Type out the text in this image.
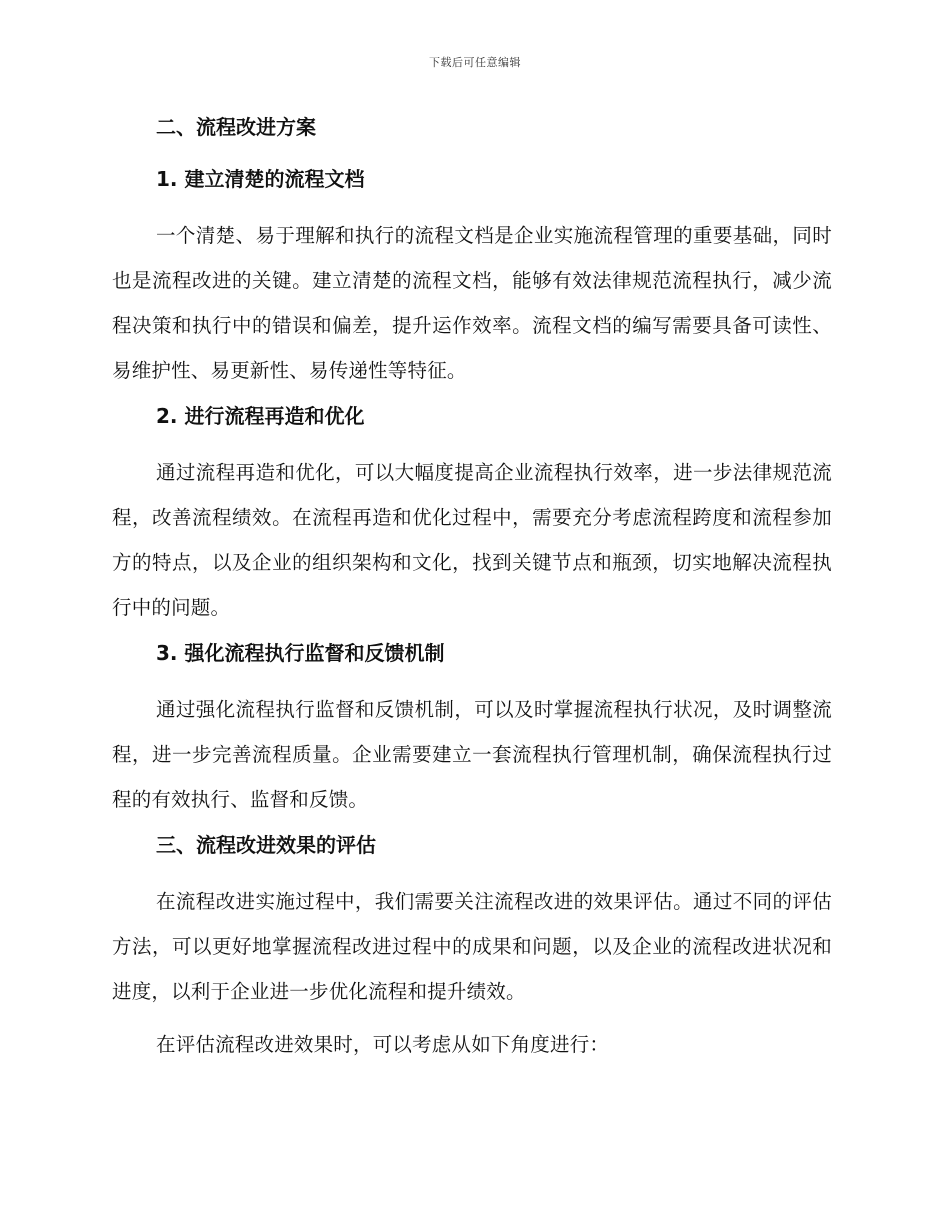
下载后可任意编辑
二、流程改进方案
1. 建立清楚的流程文档

一个清楚、易于理解和执行的流程文档是企业实施流程管理的重要基础，同时也是流程改进的关键。建立清楚的流程文档，能够有效法律规范流程执行，减少流程决策和执行中的错误和偏差，提升运作效率。流程文档的编写需要具备可读性、易维护性、易更新性、易传递性等特征。

2. 进行流程再造和优化

通过流程再造和优化，可以大幅度提高企业流程执行效率，进一步法律规范流程，改善流程绩效。在流程再造和优化过程中，需要充分考虑流程跨度和流程参加方的特点，以及企业的组织架构和文化，找到关键节点和瓶颈，切实地解决流程执行中的问题。

3. 强化流程执行监督和反馈机制

通过强化流程执行监督和反馈机制，可以及时掌握流程执行状况，及时调整流程，进一步完善流程质量。企业需要建立一套流程执行管理机制，确保流程执行过程的有效执行、监督和反馈。

三、流程改进效果的评估

在流程改进实施过程中，我们需要关注流程改进的效果评估。通过不同的评估方法，可以更好地掌握流程改进过程中的成果和问题，以及企业的流程改进状况和进度，以利于企业进一步优化流程和提升绩效。

在评估流程改进效果时，可以考虑从如下角度进行：
